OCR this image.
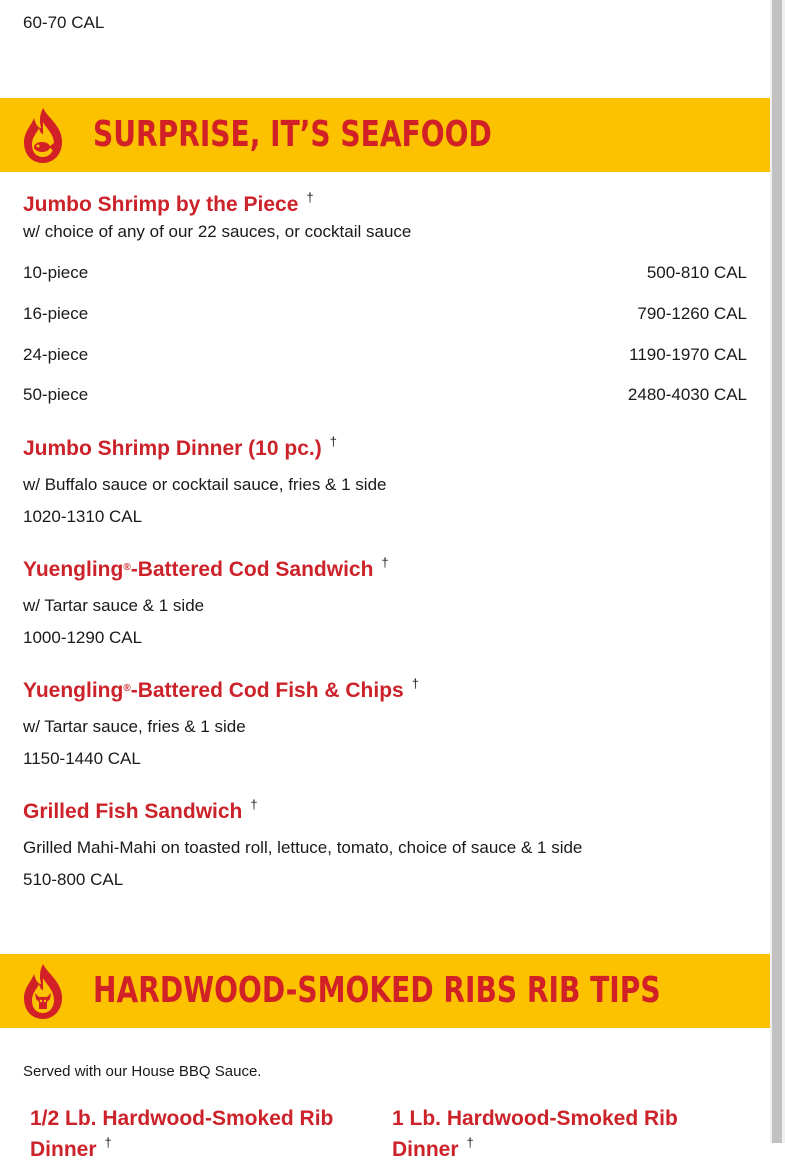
60-70 CAL
SURPRISE, IT’S SEAFOOD
Jumbo Shrimp by the Piece †
w/ choice of any of our 22 sauces, or cocktail sauce
10-piece	500-810 CAL
16-piece	790-1260 CAL
24-piece	1190-1970 CAL
50-piece	2480-4030 CAL
Jumbo Shrimp Dinner (10 pc.) †
w/ Buffalo sauce or cocktail sauce, fries & 1 side
1020-1310 CAL
Yuengling®-Battered Cod Sandwich †
w/ Tartar sauce & 1 side
1000-1290 CAL
Yuengling®-Battered Cod Fish & Chips †
w/ Tartar sauce, fries & 1 side
1150-1440 CAL
Grilled Fish Sandwich †
Grilled Mahi-Mahi on toasted roll, lettuce, tomato, choice of sauce & 1 side
510-800 CAL
HARDWOOD-SMOKED RIBS RIB TIPS
Served with our House BBQ Sauce.
1/2 Lb. Hardwood-Smoked Rib Dinner †
1 Lb. Hardwood-Smoked Rib Dinner †
